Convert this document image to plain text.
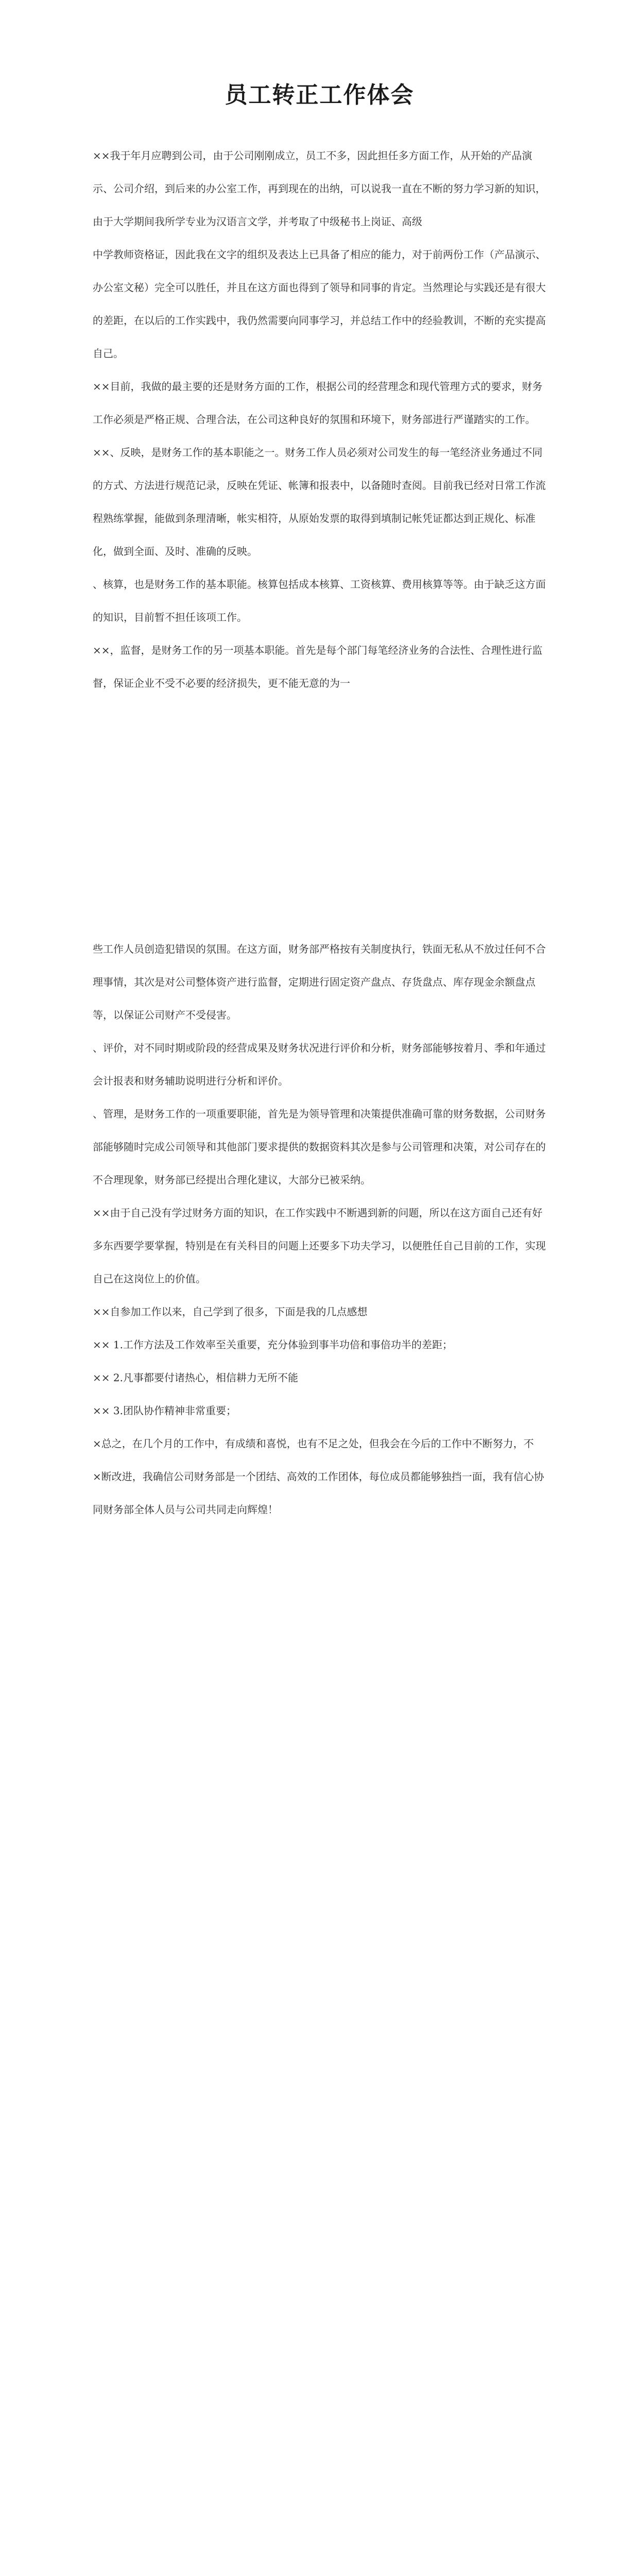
员工转正工作体会

××我于年月应聘到公司，由于公司刚刚成立，员工不多，因此担任多方面工作，从开始的产品演示、公司介绍，到后来的办公室工作，再到现在的出纳，可以说我一直在不断的努力学习新的知识，由于大学期间我所学专业为汉语言文学，并考取了中级秘书上岗证、高级

中学教师资格证，因此我在文字的组织及表达上已具备了相应的能力，对于前两份工作（产品演示、办公室文秘）完全可以胜任，并且在这方面也得到了领导和同事的肯定。当然理论与实践还是有很大的差距，在以后的工作实践中，我仍然需要向同事学习，并总结工作中的经验教训，不断的充实提高自己。

××目前，我做的最主要的还是财务方面的工作，根据公司的经营理念和现代管理方式的要求，财务工作必须是严格正规、合理合法，在公司这种良好的氛围和环境下，财务部进行严谨踏实的工作。

××、反映，是财务工作的基本职能之一。财务工作人员必须对公司发生的每一笔经济业务通过不同的方式、方法进行规范记录，反映在凭证、帐簿和报表中，以备随时查阅。目前我已经对日常工作流程熟练掌握，能做到条理清晰，帐实相符，从原始发票的取得到填制记帐凭证都达到正规化、标准化，做到全面、及时、准确的反映。

、核算，也是财务工作的基本职能。核算包括成本核算、工资核算、费用核算等等。由于缺乏这方面的知识，目前暂不担任该项工作。

××，监督，是财务工作的另一项基本职能。首先是每个部门每笔经济业务的合法性、合理性进行监督，保证企业不受不必要的经济损失，更不能无意的为一

些工作人员创造犯错误的氛围。在这方面，财务部严格按有关制度执行，铁面无私从不放过任何不合理事情，其次是对公司整体资产进行监督，定期进行固定资产盘点、存货盘点、库存现金余额盘点等，以保证公司财产不受侵害。

、评价，对不同时期或阶段的经营成果及财务状况进行评价和分析，财务部能够按着月、季和年通过会计报表和财务辅助说明进行分析和评价。

、管理，是财务工作的一项重要职能，首先是为领导管理和决策提供准确可靠的财务数据，公司财务部能够随时完成公司领导和其他部门要求提供的数据资料其次是参与公司管理和决策，对公司存在的不合理现象，财务部已经提出合理化建议，大部分已被采纳。

××由于自己没有学过财务方面的知识，在工作实践中不断遇到新的问题，所以在这方面自己还有好多东西要学要掌握，特别是在有关科目的问题上还要多下功夫学习，以便胜任自己目前的工作，实现自己在这岗位上的价值。

××自参加工作以来，自己学到了很多，下面是我的几点感想

×× 1.工作方法及工作效率至关重要，充分体验到事半功倍和事倍功半的差距；

×× 2.凡事都要付诸热心，相信耕力无所不能

×× 3.团队协作精神非常重要；

×总之，在几个月的工作中，有成绩和喜悦，也有不足之处，但我会在今后的工作中不断努力，不

×断改进，我确信公司财务部是一个团结、高效的工作团体，每位成员都能够独挡一面，我有信心协同财务部全体人员与公司共同走向辉煌！
